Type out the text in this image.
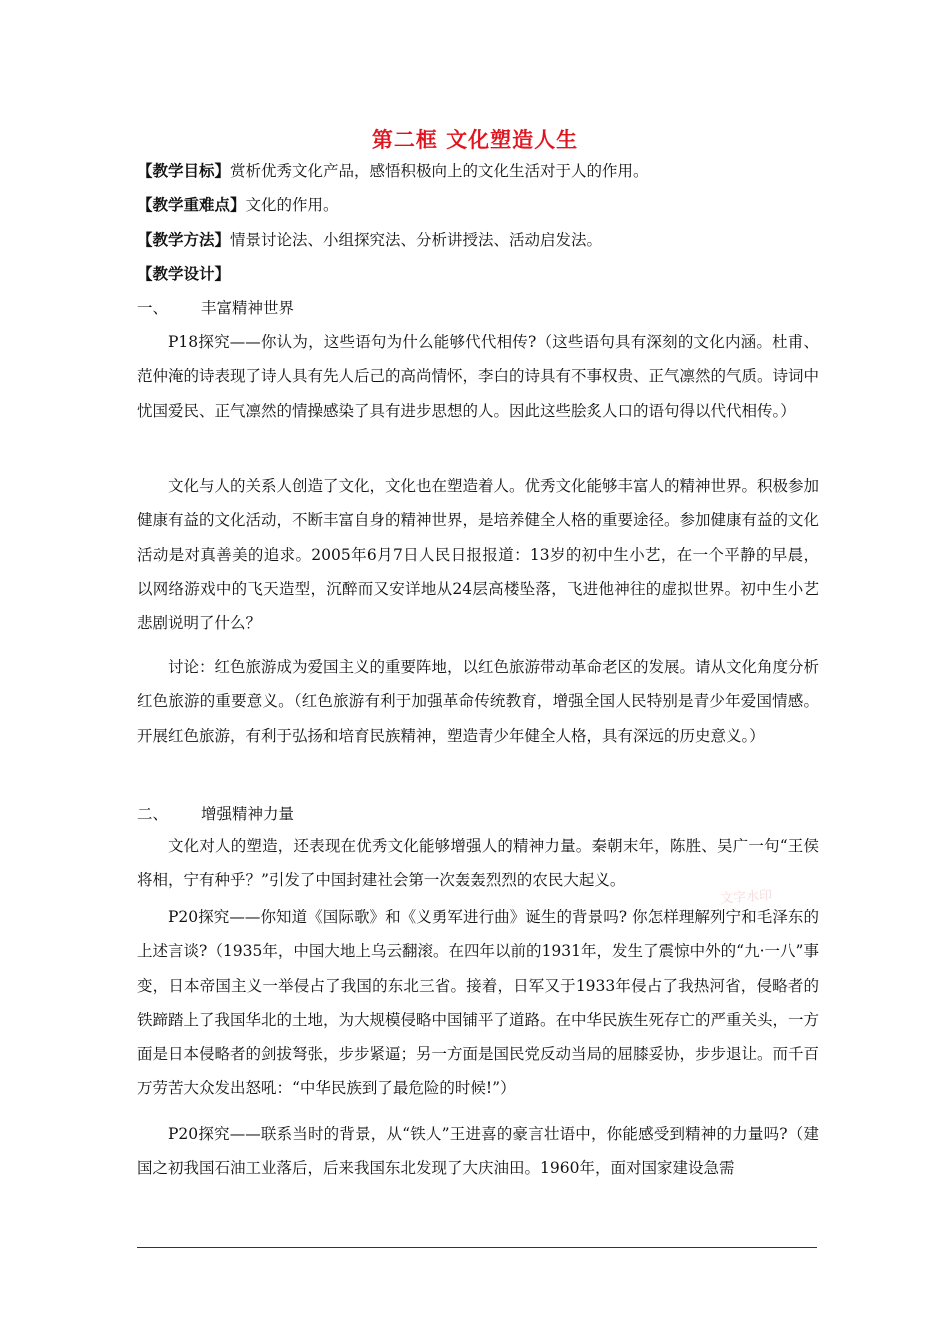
第二框 文化塑造人生
【教学目标】赏析优秀文化产品，感悟积极向上的文化生活对于人的作用。
【教学重难点】文化的作用。
【教学方法】情景讨论法、小组探究法、分析讲授法、活动启发法。
【教学设计】
一、 丰富精神世界
P18探究——你认为，这些语句为什么能够代代相传?（这些语句具有深刻的文化内涵。杜甫、范仲淹的诗表现了诗人具有先人后己的高尚情怀，李白的诗具有不事权贵、正气凛然的气质。诗词中忧国爱民、正气凛然的情操感染了具有进步思想的人。因此这些脍炙人口的语句得以代代相传。）
文化与人的关系人创造了文化，文化也在塑造着人。优秀文化能够丰富人的精神世界。积极参加健康有益的文化活动，不断丰富自身的精神世界，是培养健全人格的重要途径。参加健康有益的文化活动是对真善美的追求。2005年6月7日人民日报报道：13岁的初中生小艺，在一个平静的早晨，以网络游戏中的飞天造型，沉醉而又安详地从24层高楼坠落，飞进他神往的虚拟世界。初中生小艺悲剧说明了什么？
讨论：红色旅游成为爱国主义的重要阵地，以红色旅游带动革命老区的发展。请从文化角度分析红色旅游的重要意义。（红色旅游有利于加强革命传统教育，增强全国人民特别是青少年爱国情感。开展红色旅游，有利于弘扬和培育民族精神，塑造青少年健全人格，具有深远的历史意义。）
二、 增强精神力量
文化对人的塑造，还表现在优秀文化能够增强人的精神力量。秦朝末年，陈胜、吴广一句“王侯将相，宁有种乎？”引发了中国封建社会第一次轰轰烈烈的农民大起义。
P20探究——你知道《国际歌》和《义勇军进行曲》诞生的背景吗? 你怎样理解列宁和毛泽东的上述言谈?（1935年，中国大地上乌云翻滚。在四年以前的1931年，发生了震惊中外的“九·一八”事变，日本帝国主义一举侵占了我国的东北三省。接着，日军又于1933年侵占了我热河省，侵略者的铁蹄踏上了我国华北的土地，为大规模侵略中国铺平了道路。在中华民族生死存亡的严重关头，一方面是日本侵略者的剑拔弩张，步步紧逼；另一方面是国民党反动当局的屈膝妥协，步步退让。而千百万劳苦大众发出怒吼：“中华民族到了最危险的时候!”）
P20探究——联系当时的背景，从“铁人”王进喜的豪言壮语中，你能感受到精神的力量吗?（建国之初我国石油工业落后，后来我国东北发现了大庆油田。1960年，面对国家建设急需
文字水印
